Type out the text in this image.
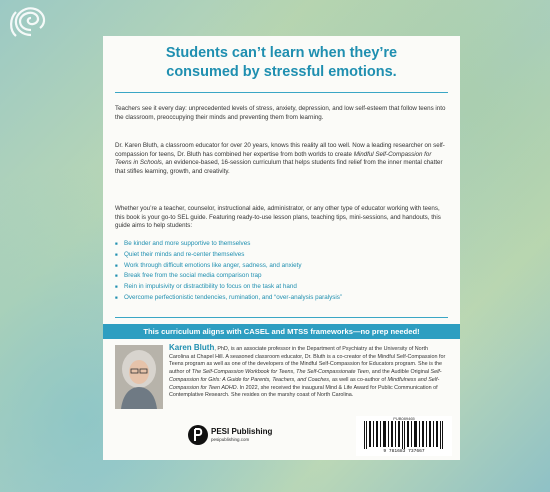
Students can’t learn when they’re
consumed by stressful emotions.

Teachers see it every day: unprecedented levels of stress, anxiety, depression, and low self-esteem that follow teens into the classroom, preoccupying their minds and preventing them from learning.

Dr. Karen Bluth, a classroom educator for over 20 years, knows this reality all too well. Now a leading researcher on self-compassion for teens, Dr. Bluth has combined her expertise from both worlds to create Mindful Self-Compassion for Teens in Schools, an evidence-based, 16-session curriculum that helps students find relief from the inner mental chatter that stifles learning, growth, and creativity.

Whether you’re a teacher, counselor, instructional aide, administrator, or any other type of educator working with teens, this book is your go-to SEL guide. Featuring ready-to-use lesson plans, teaching tips, mini-sessions, and handouts, this guide aims to help students:

■ Be kinder and more supportive to themselves
■ Quiet their minds and re-center themselves
■ Work through difficult emotions like anger, sadness, and anxiety
■ Break free from the social media comparison trap
■ Rein in impulsivity or distractibility to focus on the task at hand
■ Overcome perfectionistic tendencies, rumination, and “over-analysis paralysis”
This curriculum aligns with CASEL and MTSS frameworks—no prep needed!

Karen Bluth, PhD, is an associate professor in the Department of Psychiatry at the University of North Carolina at Chapel Hill. A seasoned classroom educator, Dr. Bluth is a co-creator of the Mindful Self-Compassion for Teens program as well as one of the developers of the Mindful Self-Compassion for Educators program. She is the author of The Self-Compassion Workbook for Teens, The Self-Compassionate Teen, and the Audible Original Self-Compassion for Girls: A Guide for Parents, Teachers, and Coaches, as well as co-author of Mindfulness and Self-Compassion for Teen ADHD. In 2022, she received the inaugural Mind & Life Award for Public Communication of Contemplative Research. She resides on the marshy coast of North Carolina.

PESI Publishing
pesipublishing.com
PUB089465
9 781683 737667
